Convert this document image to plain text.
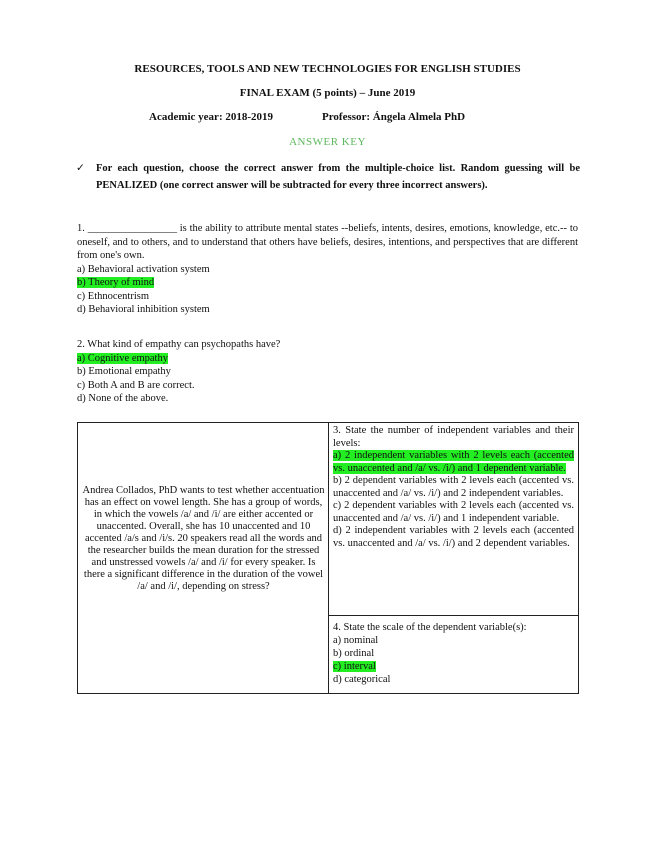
RESOURCES, TOOLS AND NEW TECHNOLOGIES FOR ENGLISH STUDIES
FINAL EXAM (5 points) – June 2019
Academic year: 2018-2019	Professor: Ángela Almela PhD
ANSWER KEY
✓ For each question, choose the correct answer from the multiple-choice list. Random guessing will be PENALIZED (one correct answer will be subtracted for every three incorrect answers).
1. _________________ is the ability to attribute mental states --beliefs, intents, desires, emotions, knowledge, etc.-- to oneself, and to others, and to understand that others have beliefs, desires, intentions, and perspectives that are different from one's own.
a) Behavioral activation system
b) Theory of mind
c) Ethnocentrism
d) Behavioral inhibition system
2. What kind of empathy can psychopaths have?
a) Cognitive empathy
b) Emotional empathy
c) Both A and B are correct.
d) None of the above.
Andrea Collados, PhD wants to test whether accentuation has an effect on vowel length. She has a group of words, in which the vowels /a/ and /i/ are either accented or unaccented. Overall, she has 10 unaccented and 10 accented /a/s and /i/s. 20 speakers read all the words and the researcher builds the mean duration for the stressed and unstressed vowels /a/ and /i/ for every speaker. Is there a significant difference in the duration of the vowel /a/ and /i/, depending on stress?
3. State the number of independent variables and their levels:
a) 2 independent variables with 2 levels each (accented vs. unaccented and /a/ vs. /i/) and 1 dependent variable.
b) 2 dependent variables with 2 levels each (accented vs. unaccented and /a/ vs. /i/) and 2 independent variables.
c) 2 dependent variables with 2 levels each (accented vs. unaccented and /a/ vs. /i/) and 1 independent variable.
d) 2 independent variables with 2 levels each (accented vs. unaccented and /a/ vs. /i/) and 2 dependent variables.
4. State the scale of the dependent variable(s):
a) nominal
b) ordinal
c) interval
d) categorical
